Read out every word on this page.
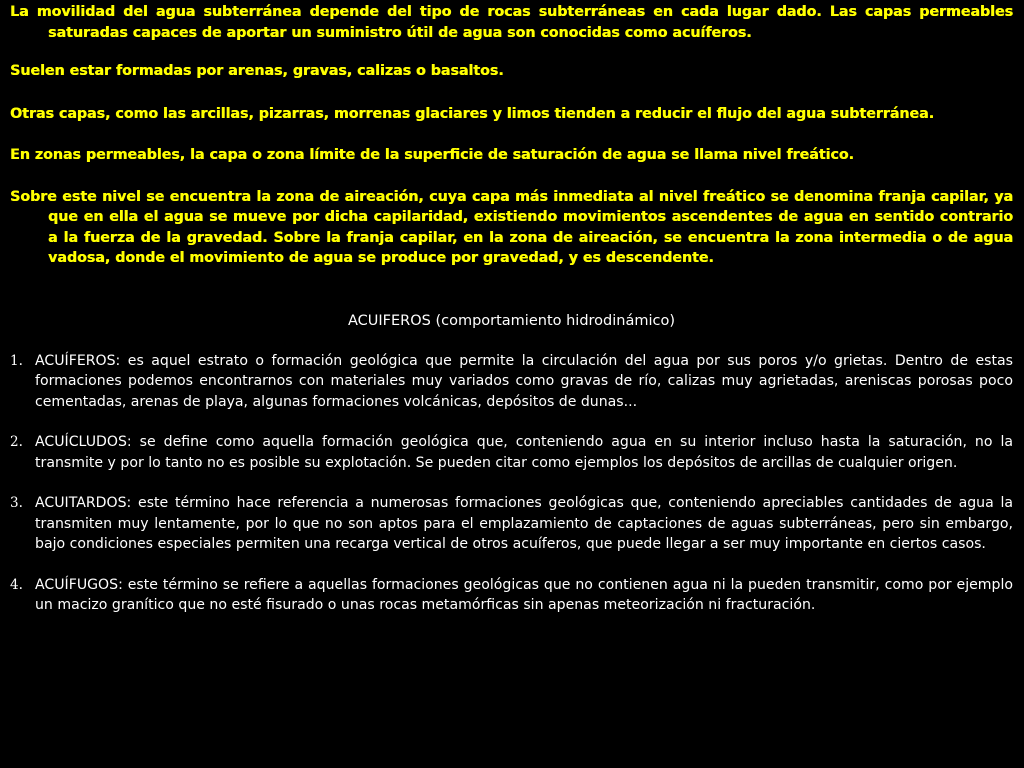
La movilidad del agua subterránea depende del tipo de rocas subterráneas en cada lugar dado. Las capas permeables saturadas capaces de aportar un suministro útil de agua son conocidas como acuíferos.

Suelen estar formadas por arenas, gravas, calizas o basaltos.

Otras capas, como las arcillas, pizarras, morrenas glaciares y limos tienden a reducir el flujo del agua subterránea.

En zonas permeables, la capa o zona límite de la superficie de saturación de agua se llama nivel freático.

Sobre este nivel se encuentra la zona de aireación, cuya capa más inmediata al nivel freático se denomina franja capilar, ya que en ella el agua se mueve por dicha capilaridad, existiendo movimientos ascendentes de agua en sentido contrario a la fuerza de la gravedad. Sobre la franja capilar, en la zona de aireación, se encuentra la zona intermedia o de agua vadosa, donde el movimiento de agua se produce por gravedad, y es descendente.

ACUIFEROS (comportamiento hidrodinámico)
1. ACUÍFEROS: es aquel estrato o formación geológica que permite la circulación del agua por sus poros y/o grietas. Dentro de estas formaciones podemos encontrarnos con materiales muy variados como gravas de río, calizas muy agrietadas, areniscas porosas poco cementadas, arenas de playa, algunas formaciones volcánicas, depósitos de dunas...
2. ACUÍCLUDOS: se define como aquella formación geológica que, conteniendo agua en su interior incluso hasta la saturación, no la transmite y por lo tanto no es posible su explotación. Se pueden citar como ejemplos los depósitos de arcillas de cualquier origen.
3. ACUITARDOS: este término hace referencia a numerosas formaciones geológicas que, conteniendo apreciables cantidades de agua la transmiten muy lentamente, por lo que no son aptos para el emplazamiento de captaciones de aguas subterráneas, pero sin embargo, bajo condiciones especiales permiten una recarga vertical de otros acuíferos, que puede llegar a ser muy importante en ciertos casos.
4. ACUÍFUGOS: este término se refiere a aquellas formaciones geológicas que no contienen agua ni la pueden transmitir, como por ejemplo un macizo granítico que no esté fisurado o unas rocas metamórficas sin apenas meteorización ni fracturación.
